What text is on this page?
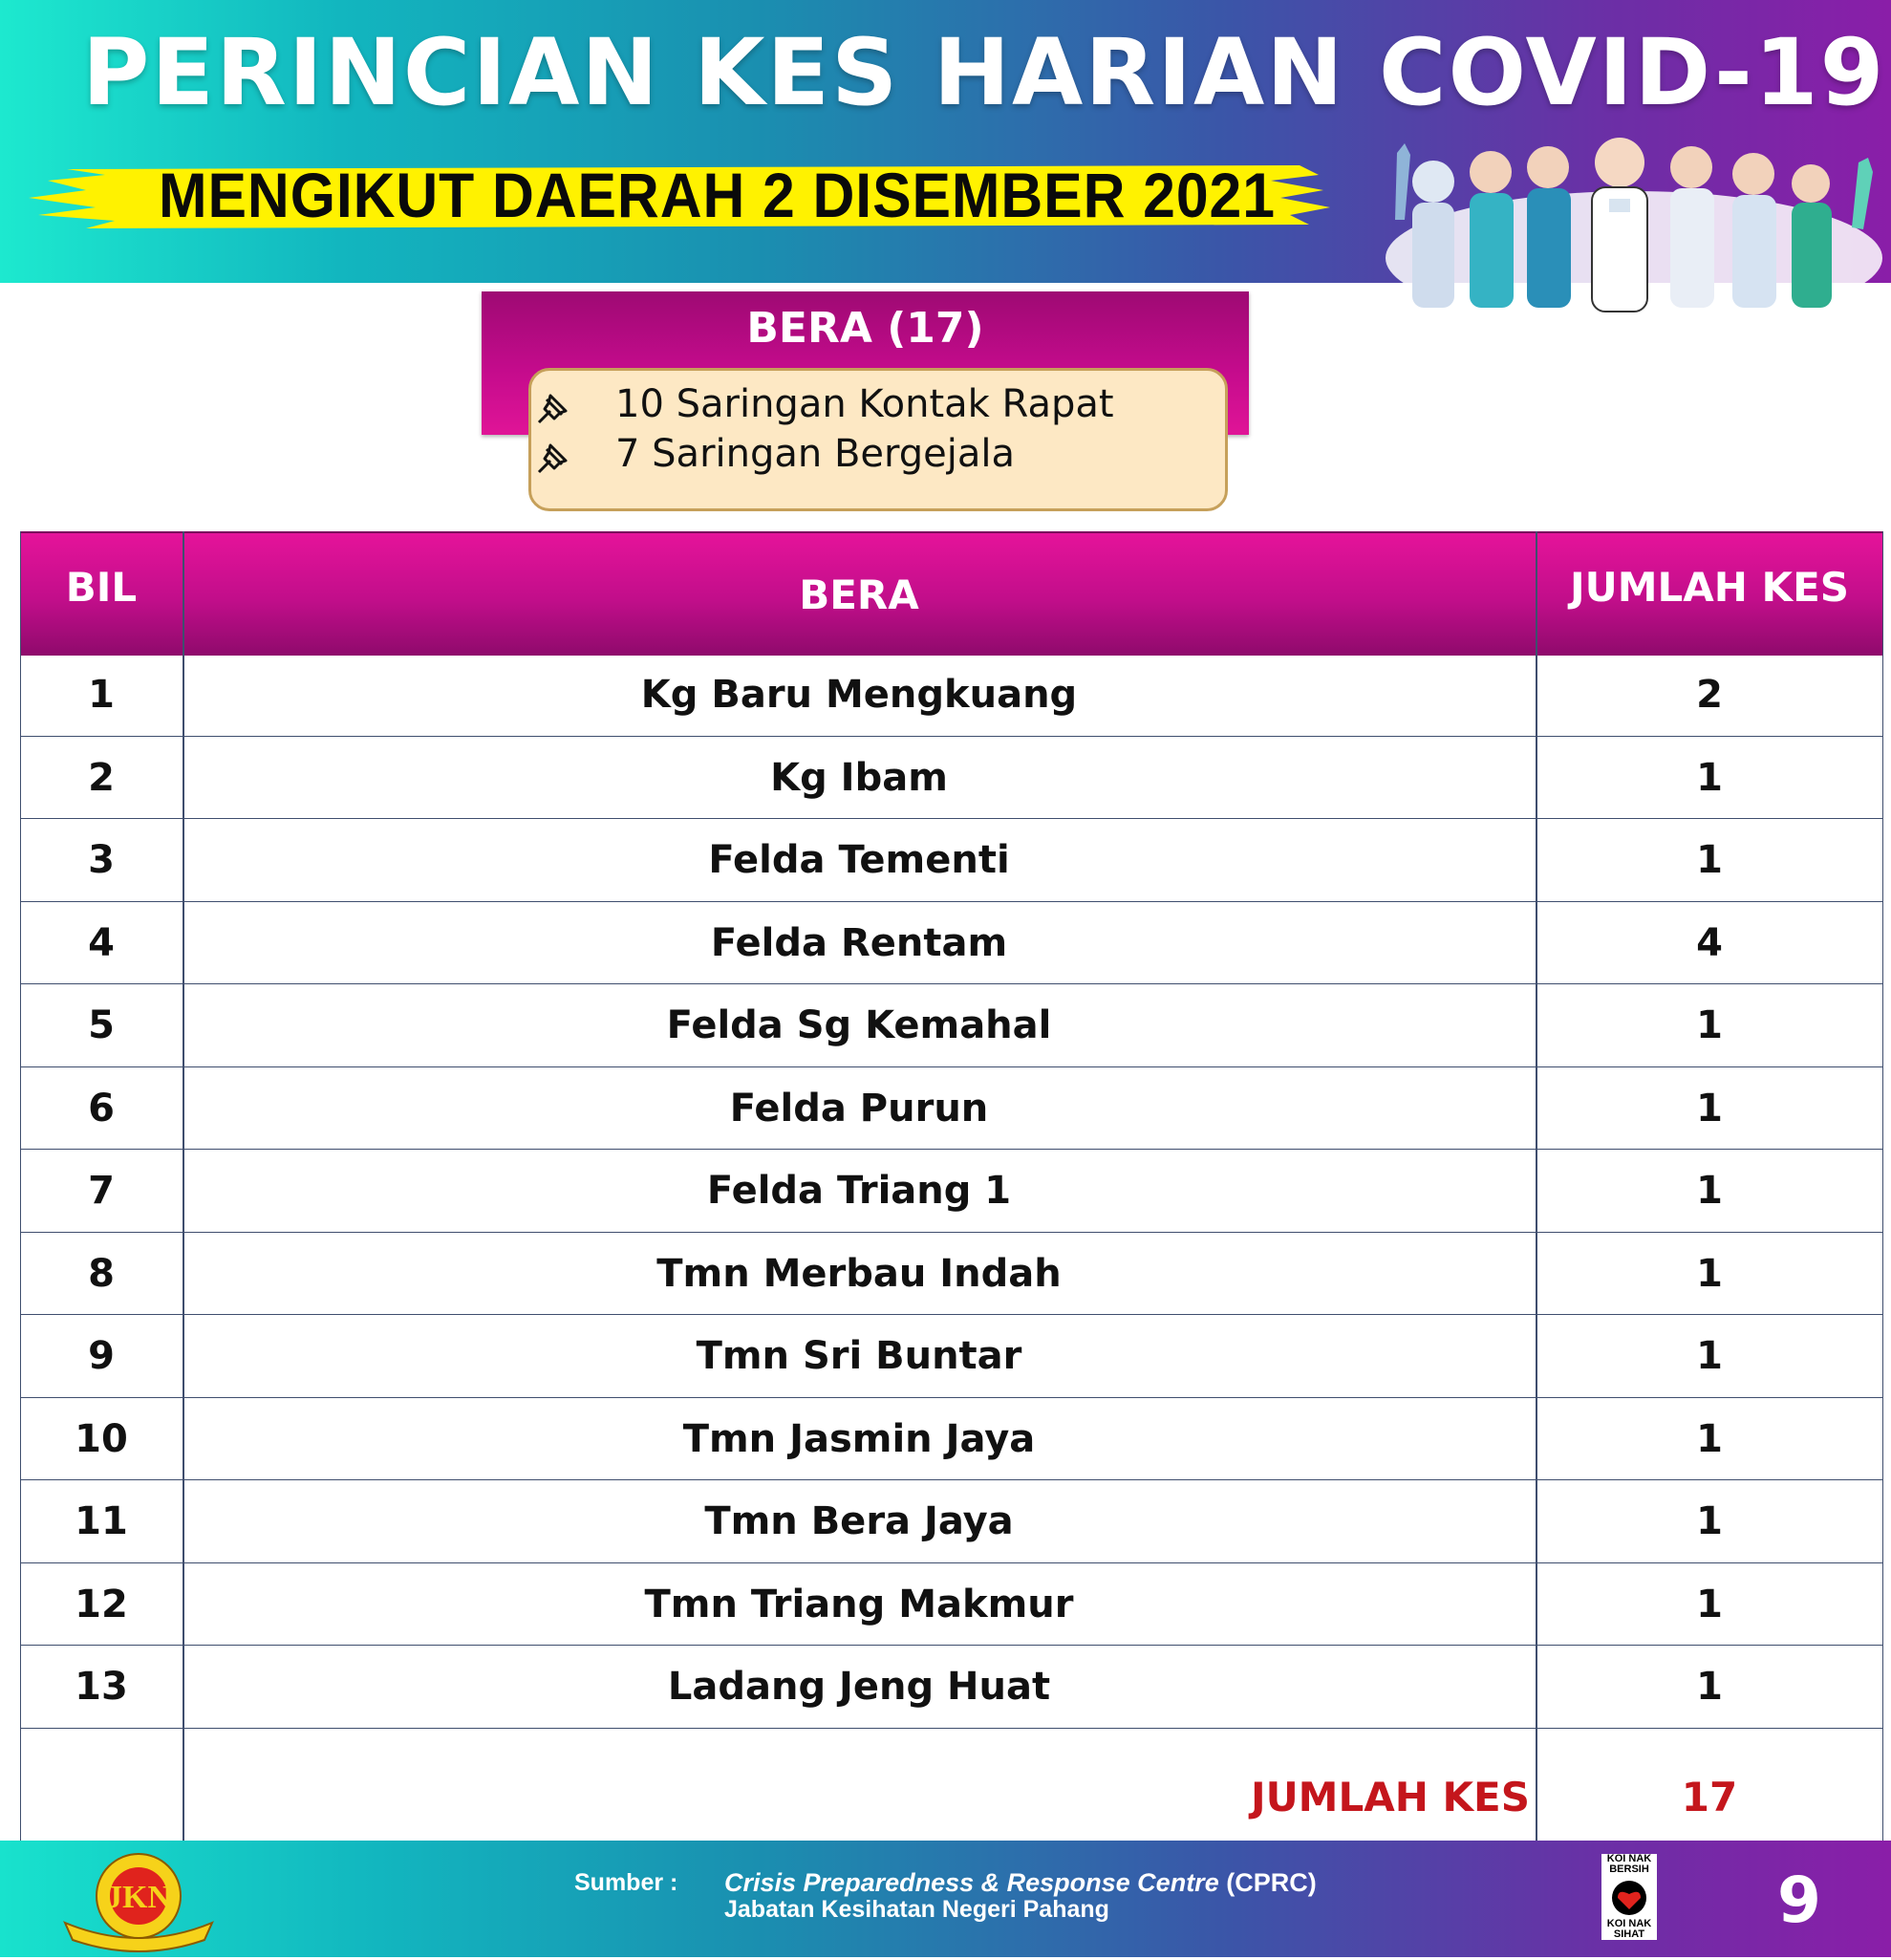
PERINCIAN KES HARIAN COVID-19
MENGIKUT DAERAH 2 DISEMBER 2021
BERA (17)
10 Saringan Kontak Rapat
7 Saringan Bergejala
BIL	BERA	JUMLAH KES
1	Kg Baru Mengkuang	2
2	Kg Ibam	1
3	Felda Tementi	1
4	Felda Rentam	4
5	Felda Sg Kemahal	1
6	Felda Purun	1
7	Felda Triang 1	1
8	Tmn Merbau Indah	1
9	Tmn Sri Buntar	1
10	Tmn Jasmin Jaya	1
11	Tmn Bera Jaya	1
12	Tmn Triang Makmur	1
13	Ladang Jeng Huat	1
JUMLAH KES	17
JKN	Sumber : Crisis Preparedness & Response Centre (CPRC)
Jabatan Kesihatan Negeri Pahang
KOI NAK BERSIH
KOI NAK SIHAT 9
